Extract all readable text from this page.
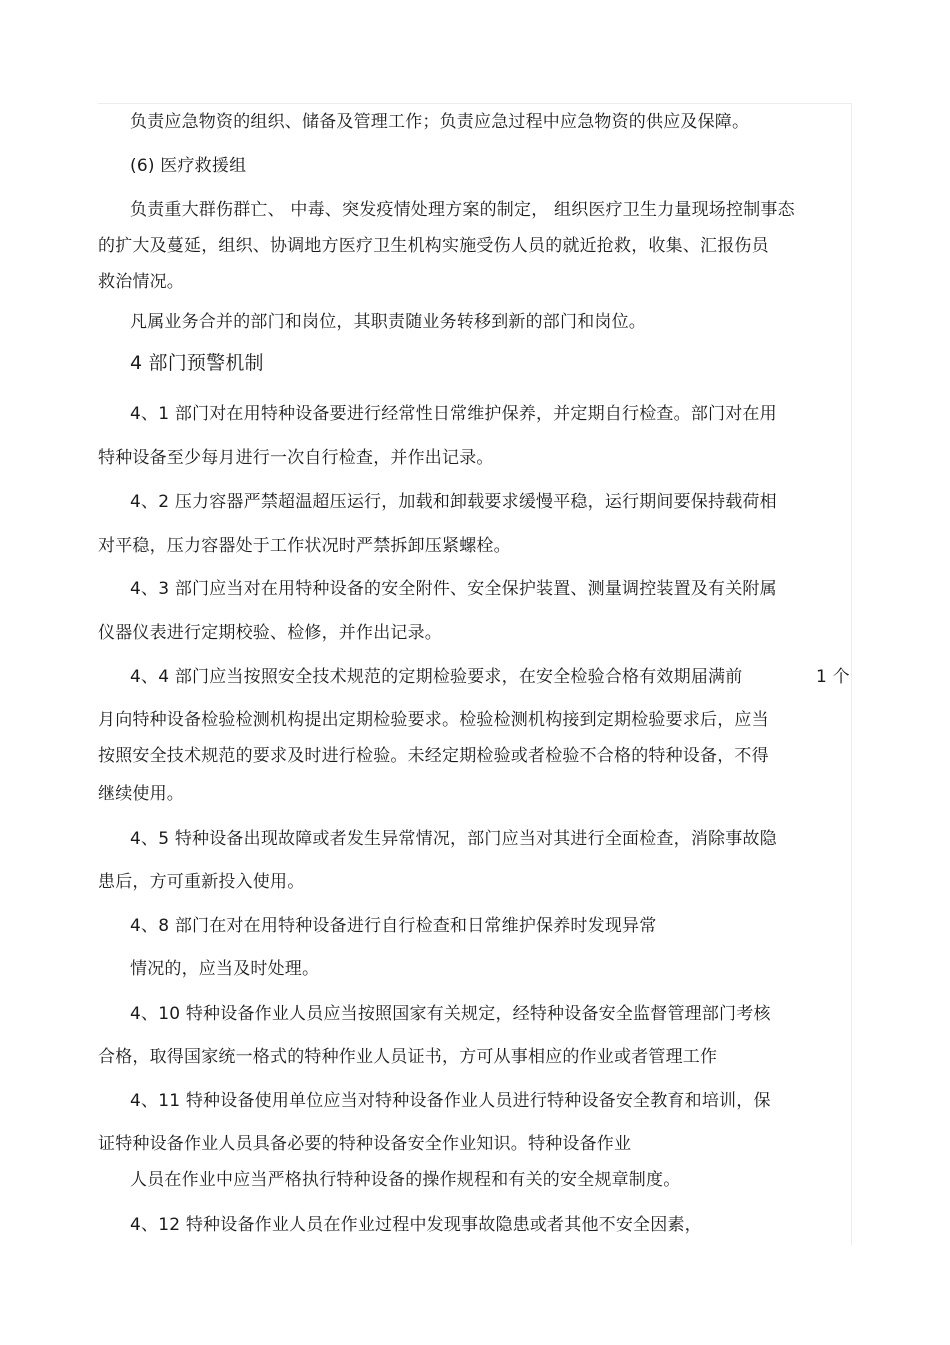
负责应急物资的组织、储备及管理工作；负责应急过程中应急物资的供应及保障。
(6) 医疗救援组
负责重大群伤群亡、 中毒、突发疫情处理方案的制定， 组织医疗卫生力量现场控制事态
的扩大及蔓延，组织、协调地方医疗卫生机构实施受伤人员的就近抢救，收集、汇报伤员
救治情况。
凡属业务合并的部门和岗位，其职责随业务转移到新的部门和岗位。
4 部门预警机制
4、1 部门对在用特种设备要进行经常性日常维护保养，并定期自行检查。部门对在用
特种设备至少每月进行一次自行检查，并作出记录。
4、2 压力容器严禁超温超压运行，加载和卸载要求缓慢平稳，运行期间要保持载荷相
对平稳，压力容器处于工作状况时严禁拆卸压紧螺栓。
4、3 部门应当对在用特种设备的安全附件、安全保护装置、测量调控装置及有关附属
仪器仪表进行定期校验、检修，并作出记录。
4、4 部门应当按照安全技术规范的定期检验要求，在安全检验合格有效期届满前	1 个
月向特种设备检验检测机构提出定期检验要求。检验检测机构接到定期检验要求后，应当
按照安全技术规范的要求及时进行检验。未经定期检验或者检验不合格的特种设备，不得
继续使用。
4、5 特种设备出现故障或者发生异常情况，部门应当对其进行全面检查，消除事故隐
患后，方可重新投入使用。
4、8 部门在对在用特种设备进行自行检查和日常维护保养时发现异常
情况的，应当及时处理。
4、10 特种设备作业人员应当按照国家有关规定，经特种设备安全监督管理部门考核
合格，取得国家统一格式的特种作业人员证书，方可从事相应的作业或者管理工作
4、11 特种设备使用单位应当对特种设备作业人员进行特种设备安全教育和培训，保
证特种设备作业人员具备必要的特种设备安全作业知识。特种设备作业
人员在作业中应当严格执行特种设备的操作规程和有关的安全规章制度。
4、12 特种设备作业人员在作业过程中发现事故隐患或者其他不安全因素，
